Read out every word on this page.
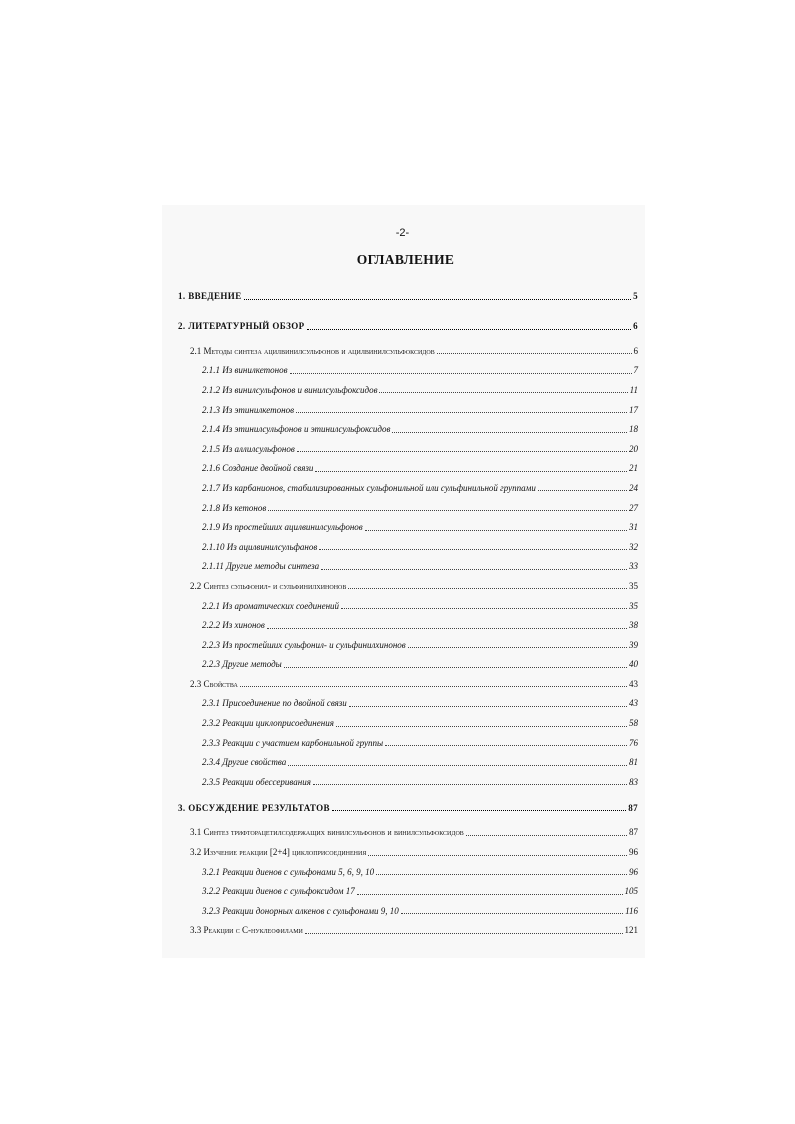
-2-
ОГЛАВЛЕНИЕ
1. ВВЕДЕНИЕ	5
2. ЛИТЕРАТУРНЫЙ ОБЗОР	6
2.1 Методы синтеза ацилвинилсульфонов и ацилвинилсульфоксидов	6
2.1.1 Из винилкетонов	7
2.1.2 Из винилсульфонов и винилсульфоксидов	11
2.1.3 Из этинилкетонов	17
2.1.4 Из этинилсульфонов и этинилсульфоксидов	18
2.1.5 Из аллилсульфонов	20
2.1.6 Создание двойной связи	21
2.1.7 Из карбанионов, стабилизированных сульфонильной или сульфинильной группами	24
2.1.8 Из кетонов	27
2.1.9 Из простейших ацилвинилсульфонов	31
2.1.10 Из ацилвинилсульфанов	32
2.1.11 Другие методы синтеза	33
2.2 Синтез сульфонил- и сульфинилхинонов	35
2.2.1 Из ароматических соединений	35
2.2.2 Из хинонов	38
2.2.3 Из простейших сульфонил- и сульфинилхинонов	39
2.2.3 Другие методы	40
2.3 Свойства	43
2.3.1 Присоединение по двойной связи	43
2.3.2 Реакции циклоприсоединения	58
2.3.3 Реакции с участием карбонильной группы	76
2.3.4 Другие свойства	81
2.3.5 Реакции обессеривания	83
3. ОБСУЖДЕНИЕ РЕЗУЛЬТАТОВ	87
3.1 Синтез трифторацетилсодержащих винилсульфонов и винилсульфоксидов	87
3.2 Изучение реакции [2+4] циклоприсоединения	96
3.2.1 Реакции диенов с сульфонами 5, 6, 9, 10	96
3.2.2 Реакции диенов с сульфоксидом 17	105
3.2.3 Реакции донорных алкенов с сульфонами 9, 10	116
3.3 Реакции с С-нуклеофилами	121
